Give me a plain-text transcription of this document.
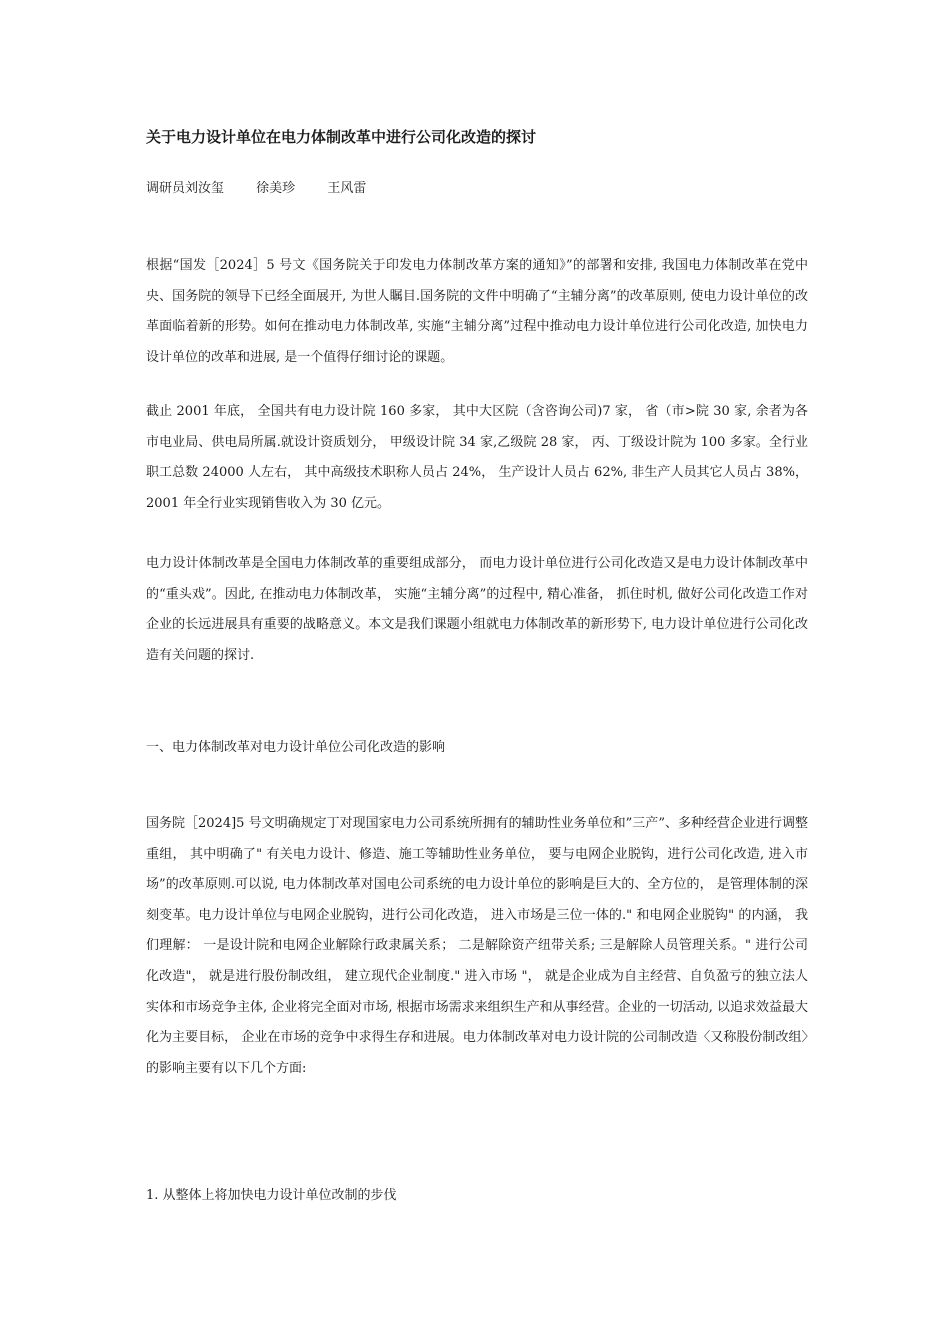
关于电力设计单位在电力体制改革中进行公司化改造的探讨
调研员刘汝玺 徐美珍 王风雷

根据“国发［2024］5 号文《国务院关于印发电力体制改革方案的通知》”的部署和安排, 我国电力体制改革在党中央、国务院的领导下已经全面展开, 为世人瞩目.国务院的文件中明确了“主辅分离”的改革原则, 使电力设计单位的改革面临着新的形势。如何在推动电力体制改革, 实施“主辅分离”过程中推动电力设计单位进行公司化改造, 加快电力设计单位的改革和进展, 是一个值得仔细讨论的课题。

截止 2001 年底， 全国共有电力设计院 160 多家， 其中大区院（含咨询公司)7 家， 省（市>院 30 家, 余者为各市电业局、供电局所属.就设计资质划分， 甲级设计院 34 家,乙级院 28 家， 丙、丁级设计院为 100 多家。全行业职工总数 24000 人左右， 其中高级技术职称人员占 24%， 生产设计人员占 62%, 非生产人员其它人员占 38%，2001 年全行业实现销售收入为 30 亿元。

电力设计体制改革是全国电力体制改革的重要组成部分， 而电力设计单位进行公司化改造又是电力设计体制改革中的“重头戏”。因此, 在推动电力体制改革， 实施“主辅分离”的过程中, 精心准备， 抓住时机, 做好公司化改造工作对企业的长远进展具有重要的战略意义。本文是我们课题小组就电力体制改革的新形势下, 电力设计单位进行公司化改造有关问题的探讨.

一、电力体制改革对电力设计单位公司化改造的影响

国务院［2024]5 号文明确规定丁对现国家电力公司系统所拥有的辅助性业务单位和”三产”、多种经营企业进行调整重组， 其中明确了" 有关电力设计、修造、施工等辅助性业务单位， 要与电网企业脱钩，进行公司化改造, 进入市场”的改革原则.可以说, 电力体制改革对国电公司系统的电力设计单位的影响是巨大的、全方位的， 是管理体制的深刻变革。电力设计单位与电网企业脱钩，进行公司化改造， 进入市场是三位一体的." 和电网企业脱钩" 的内涵， 我们理解： 一是设计院和电网企业解除行政隶属关系； 二是解除资产纽带关系; 三是解除人员管理关系。" 进行公司化改造"， 就是进行股份制改组， 建立现代企业制度." 进入市场 "， 就是企业成为自主经营、自负盈亏的独立法人实体和市场竞争主体, 企业将完全面对市场, 根据市场需求来组织生产和从事经营。企业的一切活动, 以追求效益最大化为主要目标， 企业在市场的竞争中求得生存和进展。电力体制改革对电力设计院的公司制改造〈又称股份制改组〉的影响主要有以下几个方面:

1. 从整体上将加快电力设计单位改制的步伐
